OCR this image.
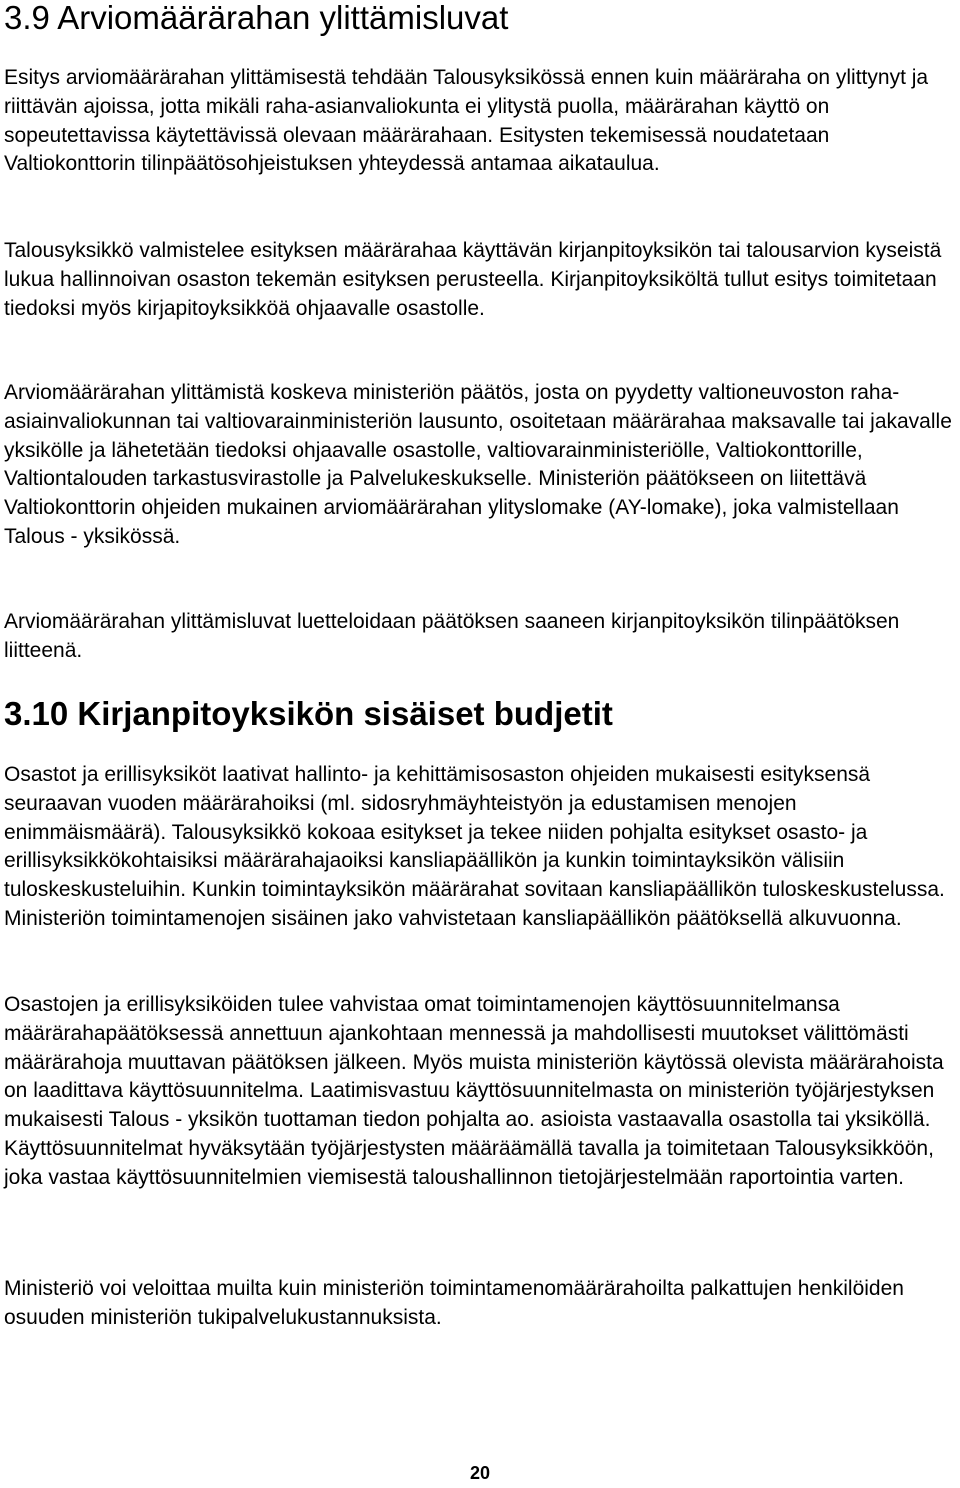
3.9 Arviomäärärahan ylittämisluvat

Esitys arviomäärärahan ylittämisestä tehdään Talousyksikössä ennen kuin määräraha on ylittynyt ja riittävän ajoissa, jotta mikäli raha-asianvaliokunta ei ylitystä puolla, määrärahan käyttö on sopeutettavissa käytettävissä olevaan määrärahaan. Esitysten tekemisessä noudatetaan Valtiokonttorin tilinpäätösohjeistuksen yhteydessä antamaa aikataulua.

Talousyksikkö valmistelee esityksen määrärahaa käyttävän kirjanpitoyksikön tai talousarvion kyseistä lukua hallinnoivan osaston tekemän esityksen perusteella. Kirjanpitoyksiköltä tullut esitys toimitetaan tiedoksi myös kirjapitoyksikköä ohjaavalle osastolle.

Arviomäärärahan ylittämistä koskeva ministeriön päätös, josta on pyydetty valtioneuvoston raha-asiainvaliokunnan tai valtiovarainministeriön lausunto, osoitetaan määrärahaa maksavalle tai jakavalle yksikölle ja lähetetään tiedoksi ohjaavalle osastolle, valtiovarainministeriölle, Valtiokonttorille, Valtiontalouden tarkastusvirastolle ja Palvelukeskukselle. Ministeriön päätökseen on liitettävä Valtiokonttorin ohjeiden mukainen arviomäärärahan ylityslomake (AY-lomake), joka valmistellaan Talous - yksikössä.

Arviomäärärahan ylittämisluvat luetteloidaan päätöksen saaneen kirjanpitoyksikön tilinpäätöksen liitteenä.

3.10 Kirjanpitoyksikön sisäiset budjetit

Osastot ja erillisyksiköt laativat hallinto- ja kehittämisosaston ohjeiden mukaisesti esityksensä seuraavan vuoden määrärahoiksi (ml. sidosryhmäyhteistyön ja edustamisen menojen enimmäismäärä). Talousyksikkö kokoaa esitykset ja tekee niiden pohjalta esitykset osasto- ja erillisyksikkökohtaisiksi määrärahajaoiksi kansliapäällikön ja kunkin toimintayksikön välisiin tuloskeskusteluihin. Kunkin toimintayksikön määrärahat sovitaan kansliapäällikön tuloskeskustelussa. Ministeriön toimintamenojen sisäinen jako vahvistetaan kansliapäällikön päätöksellä alkuvuonna.

Osastojen ja erillisyksiköiden tulee vahvistaa omat toimintamenojen käyttösuunnitelmansa määrärahapäätöksessä annettuun ajankohtaan mennessä ja mahdollisesti muutokset välittömästi määrärahoja muuttavan päätöksen jälkeen. Myös muista ministeriön käytössä olevista määrärahoista on laadittava käyttösuunnitelma. Laatimisvastuu käyttösuunnitelmasta on ministeriön työjärjestyksen mukaisesti Talous - yksikön tuottaman tiedon pohjalta ao. asioista vastaavalla osastolla tai yksiköllä. Käyttösuunnitelmat hyväksytään työjärjestysten määräämällä tavalla ja toimitetaan Talousyksikköön, joka vastaa käyttösuunnitelmien viemisestä taloushallinnon tietojärjestelmään raportointia varten.

Ministeriö voi veloittaa muilta kuin ministeriön toimintamenomäärärahoilta palkattujen henkilöiden osuuden ministeriön tukipalvelukustannuksista.

20
